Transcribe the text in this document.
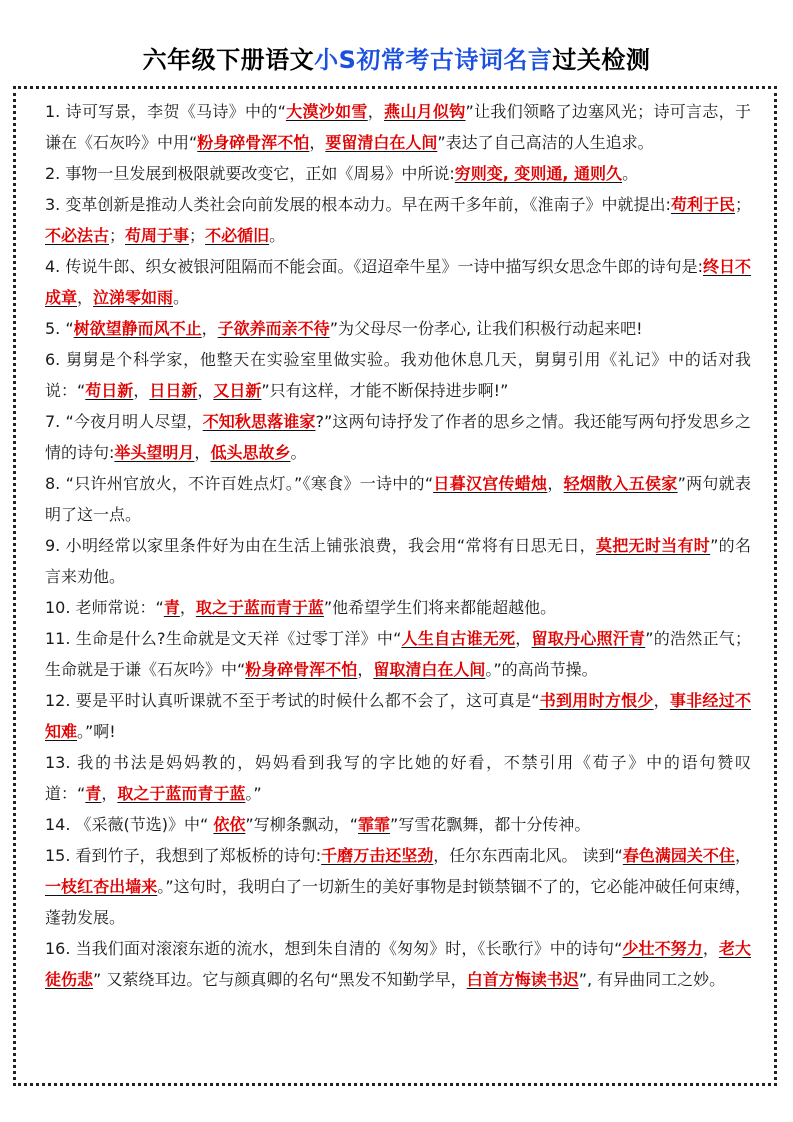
六年级下册语文小S初常考古诗词名言过关检测

1. 诗可写景，李贺《马诗》中的“大漠沙如雪，燕山月似钩”让我们领略了边塞风光；诗可言志，于谦在《石灰吟》中用“粉身碎骨浑不怕，要留清白在人间”表达了自己高洁的人生追求。

2. 事物一旦发展到极限就要改变它，正如《周易》中所说:穷则变, 变则通, 通则久。

3. 变革创新是推动人类社会向前发展的根本动力。早在两千多年前，《淮南子》中就提出:苟利于民；不必法古；苟周于事；不必循旧。

4. 传说牛郎、织女被银河阻隔而不能会面。《迢迢牵牛星》一诗中描写织女思念牛郎的诗句是:终日不成章，泣涕零如雨。

5. “树欲望静而风不止，子欲养而亲不待”为父母尽一份孝心, 让我们积极行动起来吧!

6. 舅舅是个科学家，他整天在实验室里做实验。我劝他休息几天，舅舅引用《礼记》中的话对我说：“苟日新，日日新，又日新”只有这样，才能不断保持进步啊!”

7. “今夜月明人尽望，不知秋思落谁家?”这两句诗抒发了作者的思乡之情。我还能写两句抒发思乡之情的诗句:举头望明月，低头思故乡。

8. “只许州官放火，不许百姓点灯。”《寒食》一诗中的“日暮汉宫传蜡烛，轻烟散入五侯家”两句就表明了这一点。

9. 小明经常以家里条件好为由在生活上铺张浪费，我会用“常将有日思无日，莫把无时当有时”的名言来劝他。

10. 老师常说：“青，取之于蓝而青于蓝”他希望学生们将来都能超越他。

11. 生命是什么?生命就是文天祥《过零丁洋》中“人生自古谁无死，留取丹心照汗青”的浩然正气；生命就是于谦《石灰吟》中“粉身碎骨浑不怕，留取清白在人间。”的高尚节操。

12. 要是平时认真听课就不至于考试的时候什么都不会了，这可真是“书到用时方恨少，事非经过不知难。”啊!

13. 我的书法是妈妈教的，妈妈看到我写的字比她的好看，不禁引用《荀子》中的语句赞叹道：“青，取之于蓝而青于蓝。”

14. 《采薇(节选)》中“ 依依”写柳条飘动，“霏霏”写雪花飘舞，都十分传神。

15. 看到竹子，我想到了郑板桥的诗句:千磨万击还坚劲，任尔东西南北风。 读到“春色满园关不住，一枝红杏出墙来。”这句时，我明白了一切新生的美好事物是封锁禁锢不了的，它必能冲破任何束缚，蓬勃发展。

16. 当我们面对滚滚东逝的流水，想到朱自清的《匆匆》时，《长歌行》中的诗句“少壮不努力，老大徒伤悲” 又萦绕耳边。它与颜真卿的名句“黑发不知勤学早，白首方悔读书迟”, 有异曲同工之妙。
